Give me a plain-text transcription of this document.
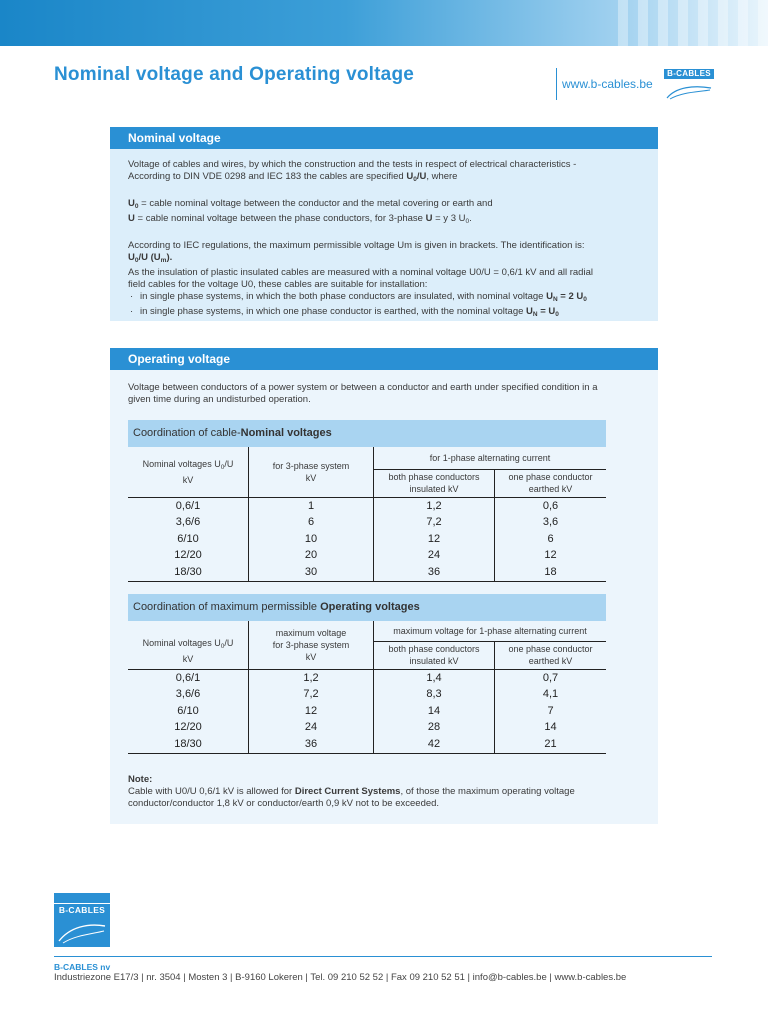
Nominal voltage and Operating voltage	www.b-cables.be
B-CABLES
Nominal voltage

Voltage of cables and wires, by which the construction and the tests in respect of electrical characteristics -

According to DIN VDE 0298 and IEC 183 the cables are specified $U_0/U$, where

$U_0$ = cable nominal voltage between the conductor and the metal covering or earth and

U = cable nominal voltage between the phase conductors, for 3-phase U = y 3 $U_0$.

According to IEC regulations, the maximum permissible voltage Um is given in brackets. The identification is:

$U_0/U$ $(U_m)$.

As the insulation of plastic insulated cables are measured with a nominal voltage U0/U = 0,6/1 kV and all radial

field cables for the voltage U0, these cables are suitable for installation:

· in single phase systems, in which the both phase conductors are insulated, with nominal voltage $U_N = 2$ $U_0$
· in single phase systems, in which one phase conductor is earthed, with the nominal voltage $U_N = U_0$
Operating voltage

Voltage between conductors of a power system or between a conductor and earth under specified condition in a

given time during an undisturbed operation.

Coordination of cable-Nominal voltages
Nominal voltages $U_0/U$
kV	for 3-phase system
kV	for 1-phase alternating current	
		both phase conductors
insulated kV	one phase conductor
earthed kV
0,6/1	1	1,2	0,6
3,6/6	6	7,2	3,6
6/10	10	12	6
12/20	20	24	12
18/30	30	36	18
Coordination of maximum permissible Operating voltages
Nominal voltages $U_0/U$
kV	maximum voltage
for 3-phase system
kV	maximum voltage for 1-phase alternating current	
		both phase conductors
insulated kV	one phase conductor
earthed kV
0,6/1	1,2	1,4	0,7
3,6/6	7,2	8,3	4,1
6/10	12	14	7
12/20	24	28	14
18/30	36	42	21

Note:

Cable with U0/U 0,6/1 kV is allowed for Direct Current Systems, of those the maximum operating voltage

conductor/conductor 1,8 kV or conductor/earth 0,9 kV not to be exceeded.

B-CABLES
B-CABLES nv
Industriezone E17/3 | nr. 3504 | Mosten 3 | B-9160 Lokeren | Tel. 09 210 52 52 | Fax 09 210 52 51 | info@b-cables.be | www.b-cables.be
